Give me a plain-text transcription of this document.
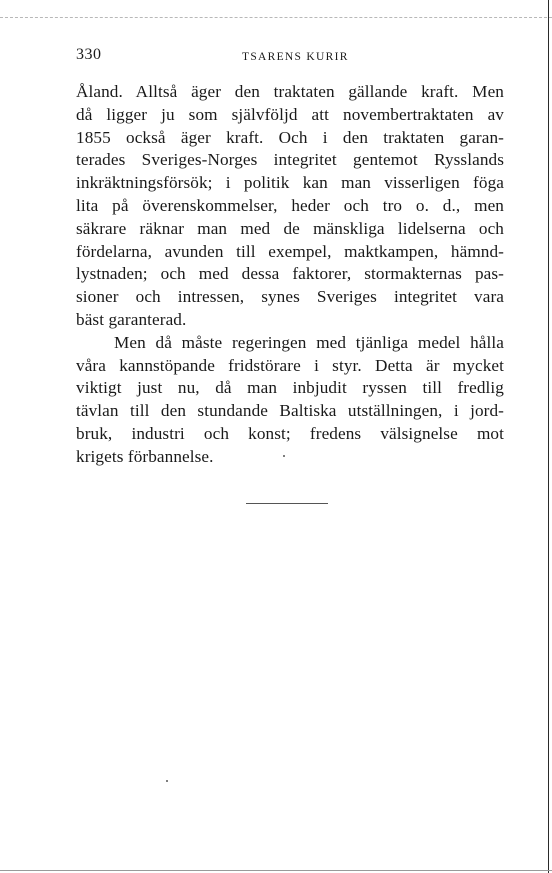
330	TSARENS KURIR
Åland. Alltså äger den traktaten gällande kraft. Men
då ligger ju som självföljd att novembertraktaten av
1855 också äger kraft. Och i den traktaten garan-
terades Sveriges-Norges integritet gentemot Rysslands
inkräktningsförsök; i politik kan man visserligen föga
lita på överenskommelser, heder och tro o. d., men
säkrare räknar man med de mänskliga lidelserna och
fördelarna, avunden till exempel, maktkampen, hämnd-
lystnaden; och med dessa faktorer, stormakternas pas-
sioner och intressen, synes Sveriges integritet vara
bäst garanterad.
Men då måste regeringen med tjänliga medel hålla
våra kannstöpande fridstörare i styr. Detta är mycket
viktigt just nu, då man inbjudit ryssen till fredlig
tävlan till den stundande Baltiska utställningen, i jord-
bruk, industri och konst; fredens välsignelse mot
krigets förbannelse.
